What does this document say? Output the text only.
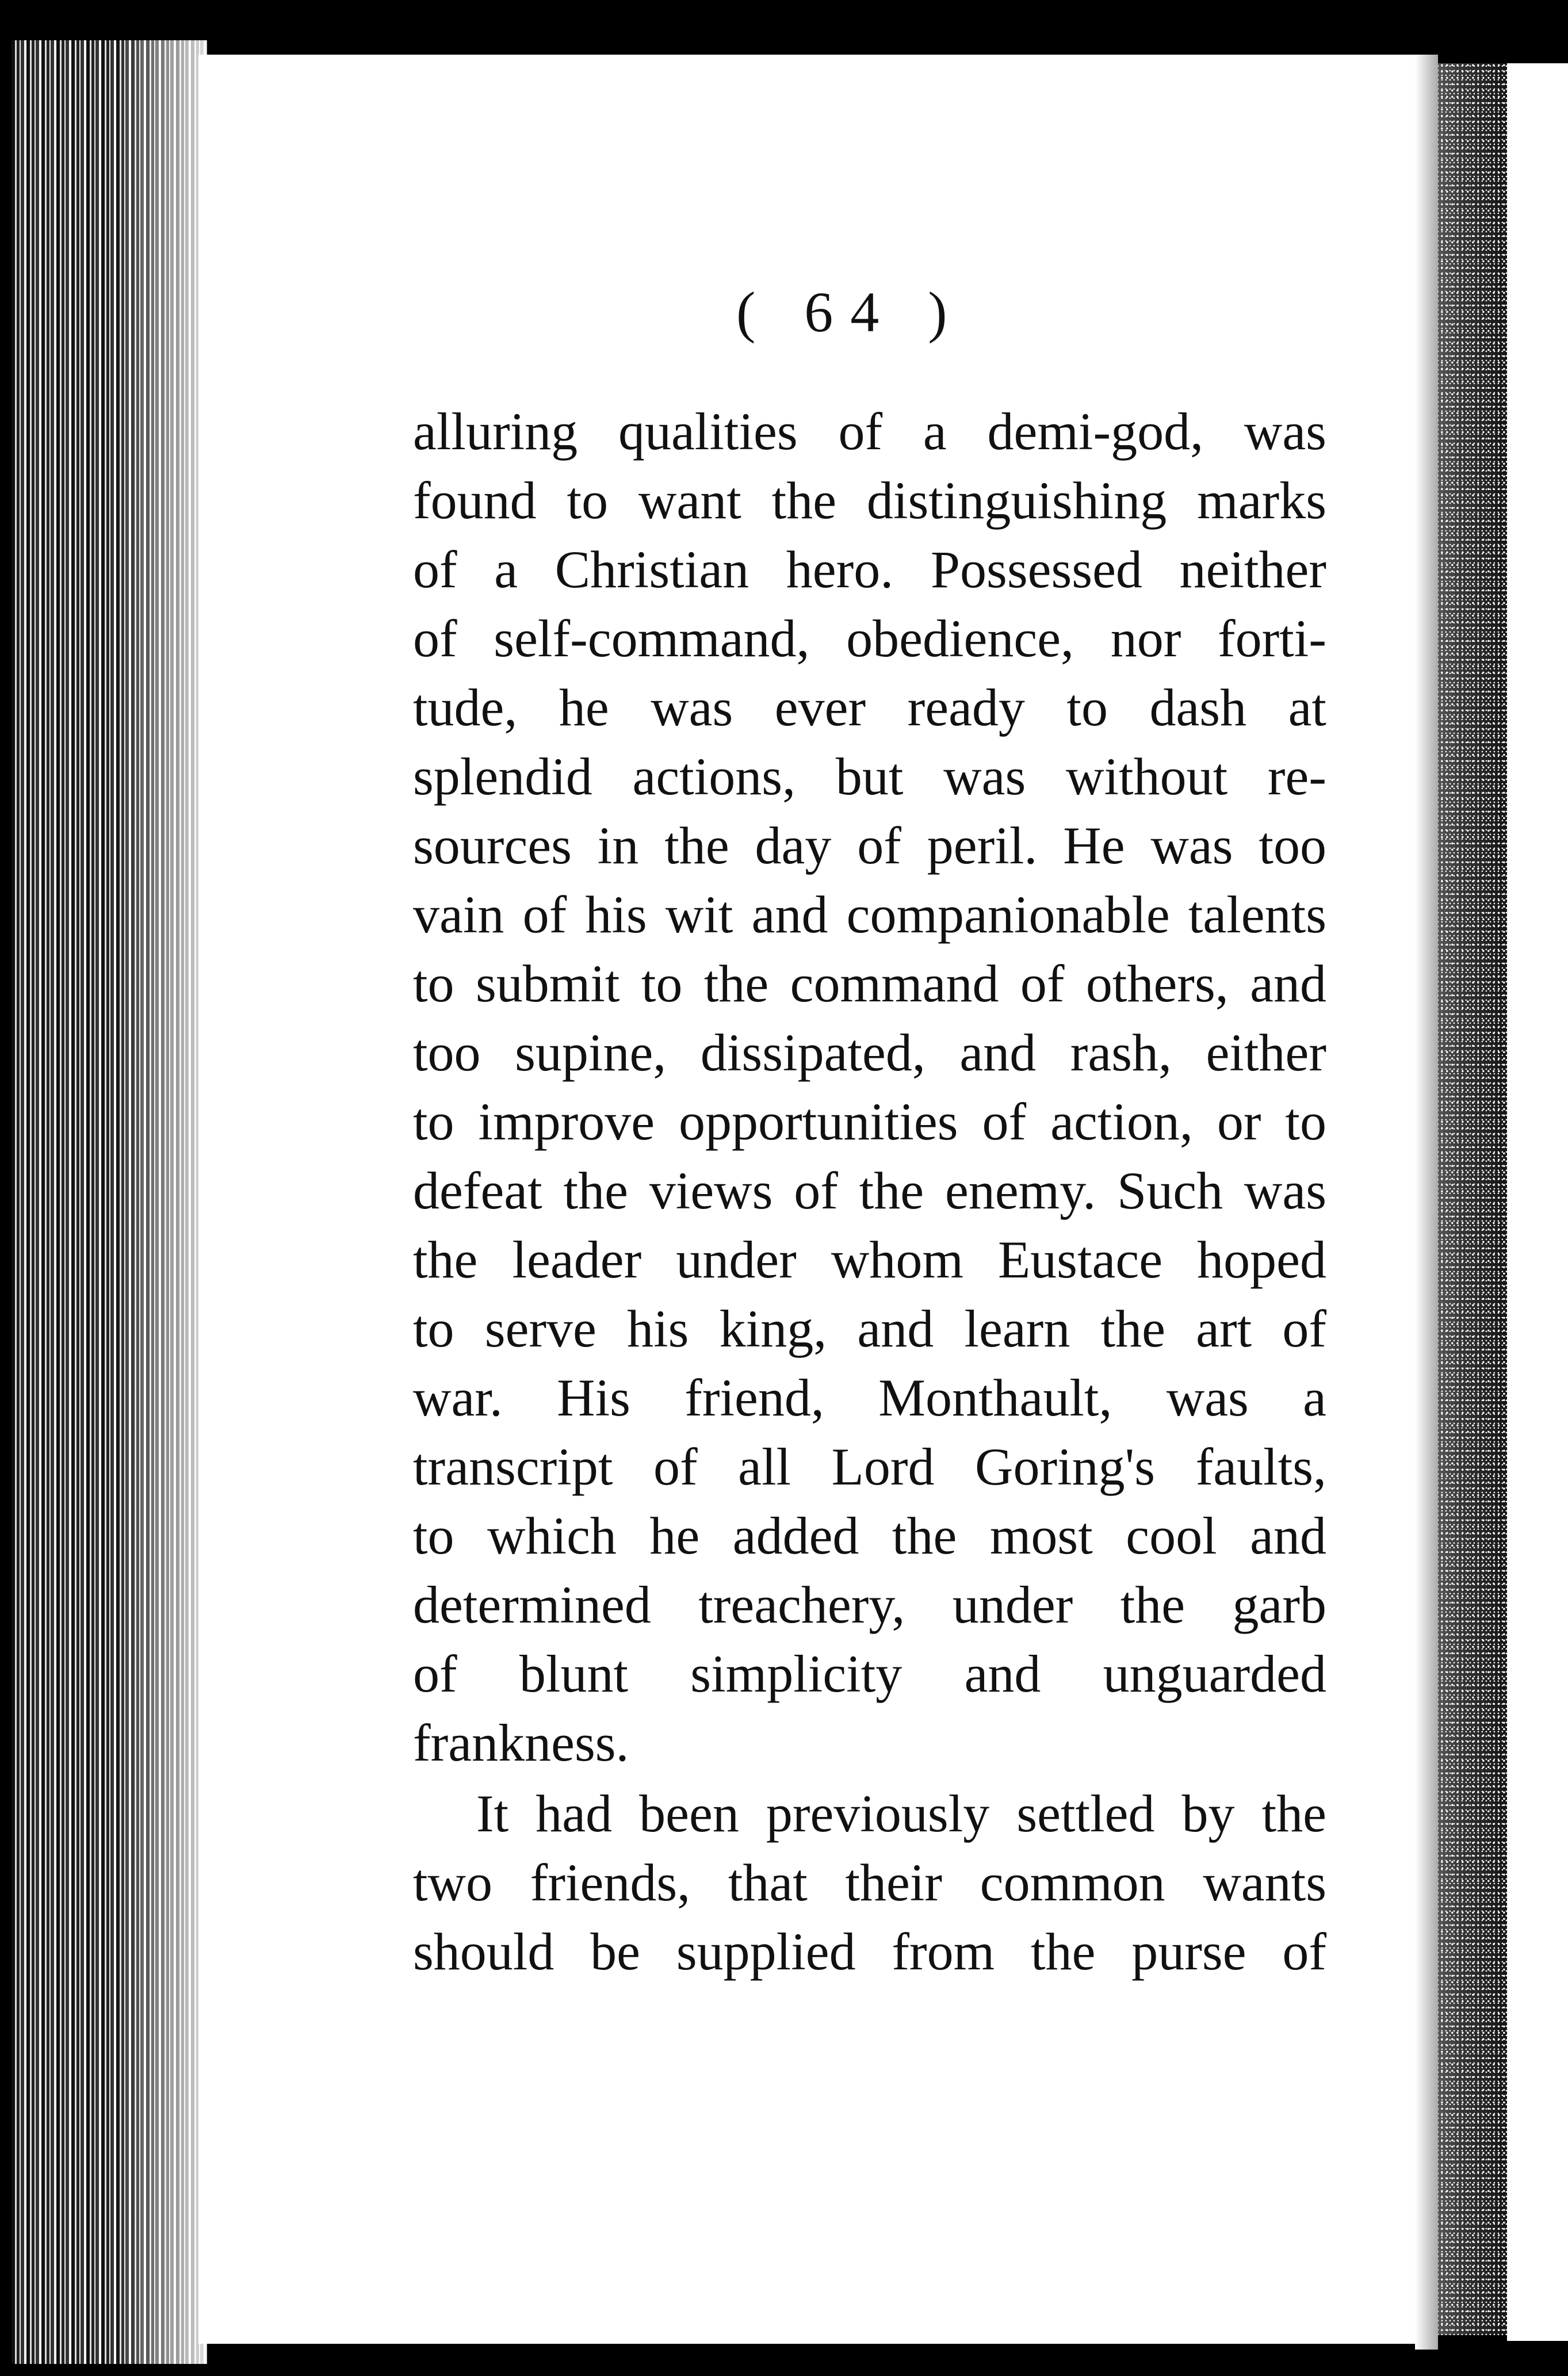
( 64 )
alluring qualities of a demi-god, was
found to want the distinguishing marks
of a Christian hero. Possessed neither
of self-command, obedience, nor forti-
tude, he was ever ready to dash at
splendid actions, but was without re-
sources in the day of peril. He was too
vain of his wit and companionable talents
to submit to the command of others, and
too supine, dissipated, and rash, either
to improve opportunities of action, or to
defeat the views of the enemy. Such was
the leader under whom Eustace hoped
to serve his king, and learn the art of
war. His friend, Monthault, was a
transcript of all Lord Goring's faults,
to which he added the most cool and
determined treachery, under the garb
of blunt simplicity and unguarded
frankness.
It had been previously settled by the
two friends, that their common wants
should be supplied from the purse of
